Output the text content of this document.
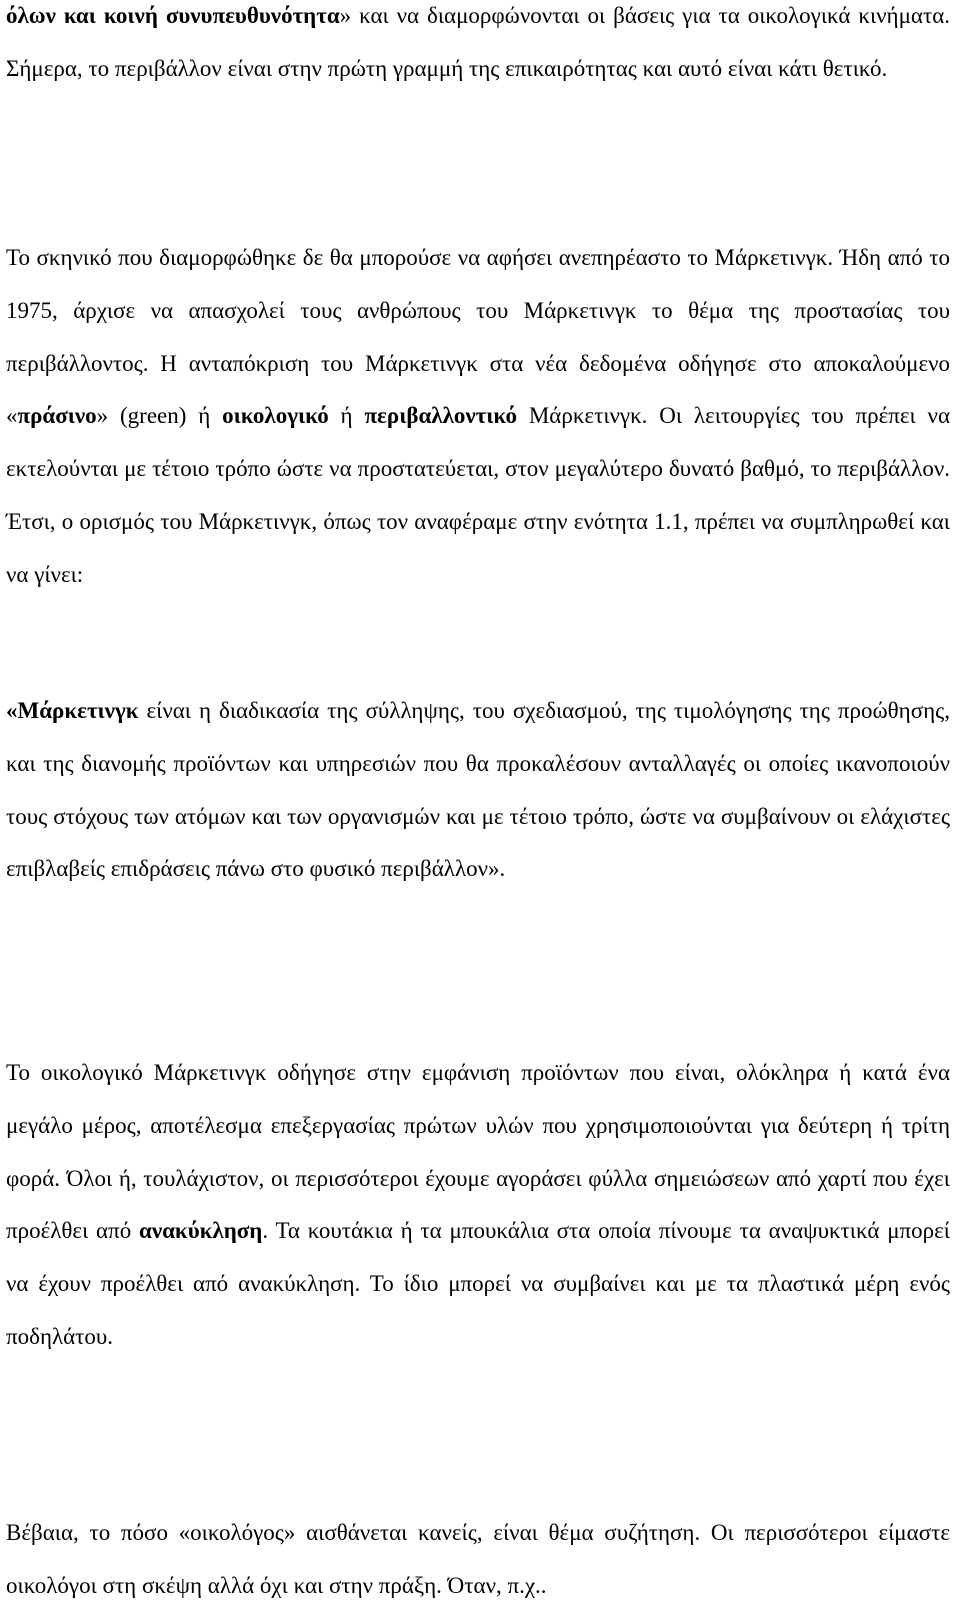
όλων και κοινή συνυπευθυνότητα» και να διαμορφώνονται οι βάσεις για τα οικολογικά κινήματα. Σήμερα, το περιβάλλον είναι στην πρώτη γραμμή της επικαιρότητας και αυτό είναι κάτι θετικό.

Το σκηνικό που διαμορφώθηκε δε θα μπορούσε να αφήσει ανεπηρέαστο το Μάρκετινγκ. Ήδη από το 1975, άρχισε να απασχολεί τους ανθρώπους του Μάρκετινγκ το θέμα της προστασίας του περιβάλλοντος. Η ανταπόκριση του Μάρκετινγκ στα νέα δεδομένα οδήγησε στο αποκαλούμενο «πράσινο» (green) ή οικολογικό ή περιβαλλοντικό Μάρκετινγκ. Οι λειτουργίες του πρέπει να εκτελούνται με τέτοιο τρόπο ώστε να προστατεύεται, στον μεγαλύτερο δυνατό βαθμό, το περιβάλλον. Έτσι, ο ορισμός του Μάρκετινγκ, όπως τον αναφέραμε στην ενότητα 1.1, πρέπει να συμπληρωθεί και να γίνει:

«Μάρκετινγκ είναι η διαδικασία της σύλληψης, του σχεδιασμού, της τιμολόγησης της προώθησης, και της διανομής προϊόντων και υπηρεσιών που θα προκαλέσουν ανταλλαγές οι οποίες ικανοποιούν τους στόχους των ατόμων και των οργανισμών και με τέτοιο τρόπο, ώστε να συμβαίνουν οι ελάχιστες επιβλαβείς επιδράσεις πάνω στο φυσικό περιβάλλον».

Το οικολογικό Μάρκετινγκ οδήγησε στην εμφάνιση προϊόντων που είναι, ολόκληρα ή κατά ένα μεγάλο μέρος, αποτέλεσμα επεξεργασίας πρώτων υλών που χρησιμοποιούνται για δεύτερη ή τρίτη φορά. Όλοι ή, τουλάχιστον, οι περισσότεροι έχουμε αγοράσει φύλλα σημειώσεων από χαρτί που έχει προέλθει από ανακύκληση. Τα κουτάκια ή τα μπουκάλια στα οποία πίνουμε τα αναψυκτικά μπορεί να έχουν προέλθει από ανακύκληση. Το ίδιο μπορεί να συμβαίνει και με τα πλαστικά μέρη ενός ποδηλάτου.

Βέβαια, το πόσο «οικολόγος» αισθάνεται κανείς, είναι θέμα συζήτηση. Οι περισσότεροι είμαστε οικολόγοι στη σκέψη αλλά όχι και στην πράξη. Όταν, π.χ..
